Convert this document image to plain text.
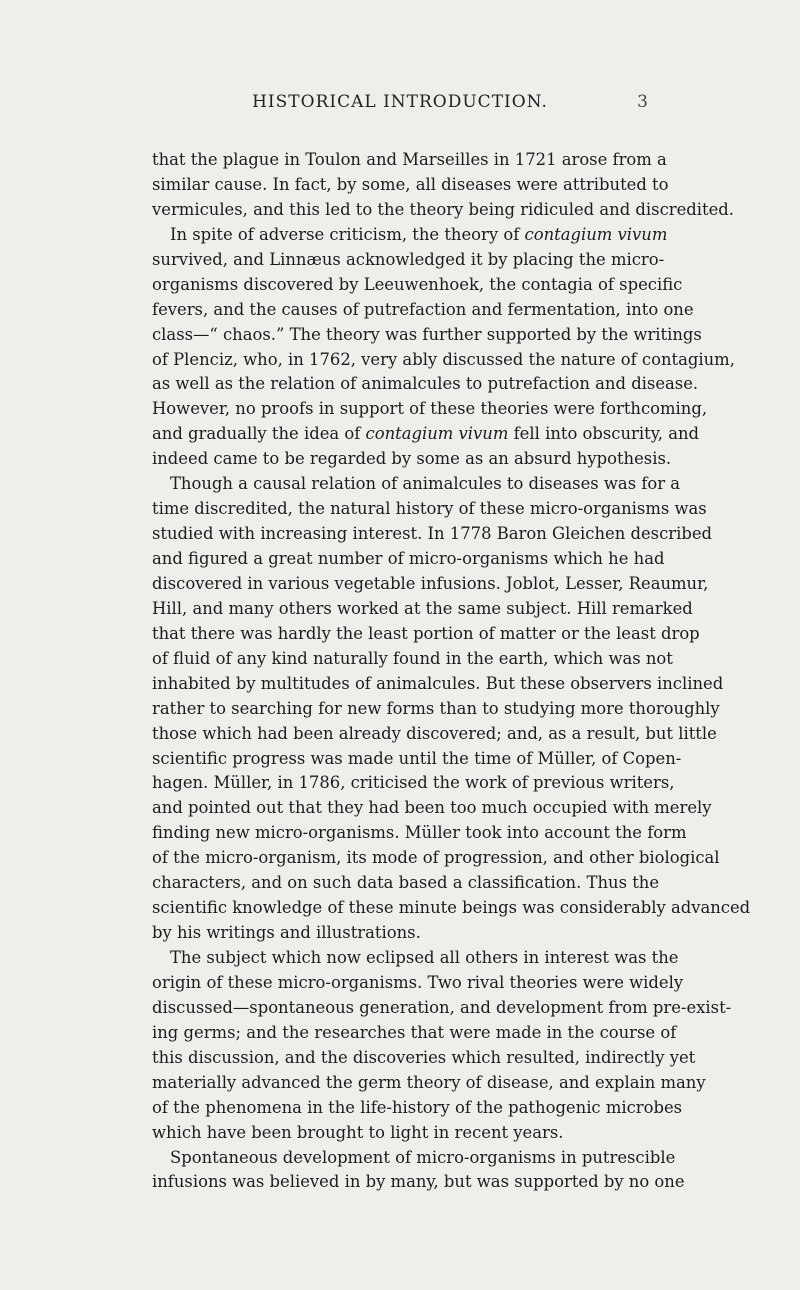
HISTORICAL INTRODUCTION.	3
that the plague in Toulon and Marseilles in 1721 arose from a
similar cause. In fact, by some, all diseases were attributed to
vermicules, and this led to the theory being ridiculed and discredited.
In spite of adverse criticism, the theory of contagium vivum
survived, and Linnæus acknowledged it by placing the micro-
organisms discovered by Leeuwenhoek, the contagia of specific
fevers, and the causes of putrefaction and fermentation, into one
class—“ chaos.” The theory was further supported by the writings
of Plenciz, who, in 1762, very ably discussed the nature of contagium,
as well as the relation of animalcules to putrefaction and disease.
However, no proofs in support of these theories were forthcoming,
and gradually the idea of contagium vivum fell into obscurity, and
indeed came to be regarded by some as an absurd hypothesis.
Though a causal relation of animalcules to diseases was for a
time discredited, the natural history of these micro-organisms was
studied with increasing interest. In 1778 Baron Gleichen described
and figured a great number of micro-organisms which he had
discovered in various vegetable infusions. Joblot, Lesser, Reaumur,
Hill, and many others worked at the same subject. Hill remarked
that there was hardly the least portion of matter or the least drop
of fluid of any kind naturally found in the earth, which was not
inhabited by multitudes of animalcules. But these observers inclined
rather to searching for new forms than to studying more thoroughly
those which had been already discovered; and, as a result, but little
scientific progress was made until the time of Müller, of Copen-
hagen. Müller, in 1786, criticised the work of previous writers,
and pointed out that they had been too much occupied with merely
finding new micro-organisms. Müller took into account the form
of the micro-organism, its mode of progression, and other biological
characters, and on such data based a classification. Thus the
scientific knowledge of these minute beings was considerably advanced
by his writings and illustrations.
The subject which now eclipsed all others in interest was the
origin of these micro-organisms. Two rival theories were widely
discussed—spontaneous generation, and development from pre-exist-
ing germs; and the researches that were made in the course of
this discussion, and the discoveries which resulted, indirectly yet
materially advanced the germ theory of disease, and explain many
of the phenomena in the life-history of the pathogenic microbes
which have been brought to light in recent years.
Spontaneous development of micro-organisms in putrescible
infusions was believed in by many, but was supported by no one
